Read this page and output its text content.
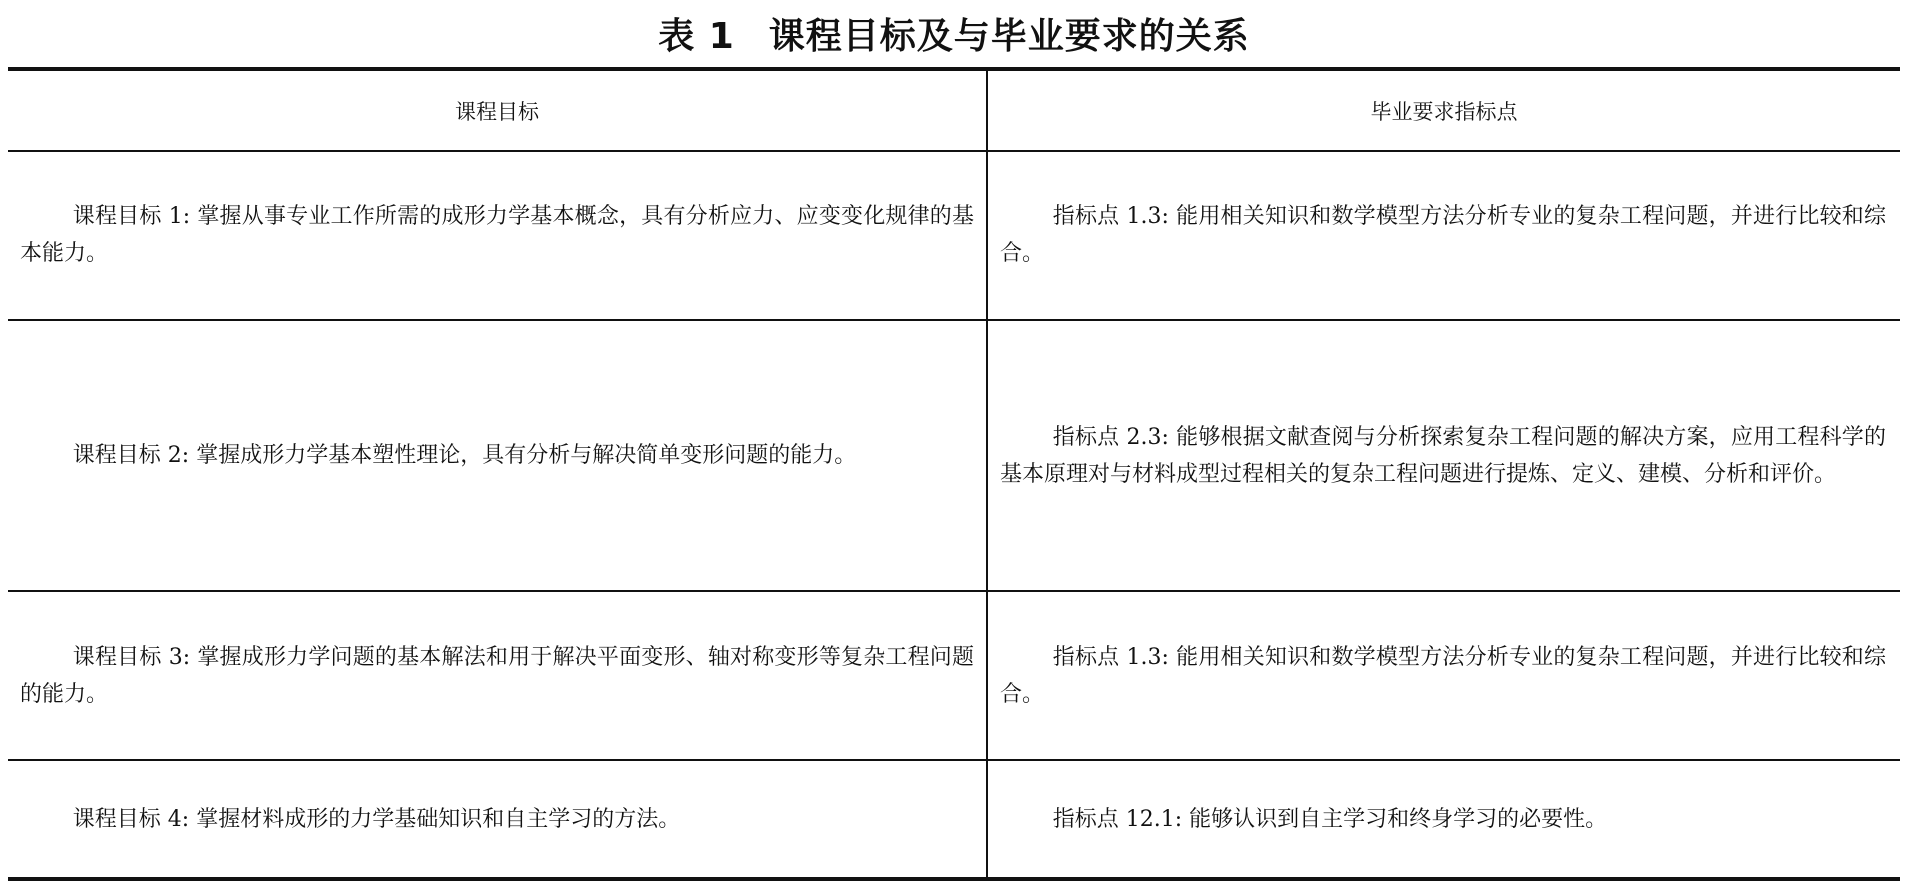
表 1 课程目标及与毕业要求的关系
课程目标	毕业要求指标点

课程目标 1: 掌握从事专业工作所需的成形力学基本概念，具有分析应力、应变变化规律的基本能力。	指标点 1.3: 能用相关知识和数学模型方法分析专业的复杂工程问题，并进行比较和综合。

课程目标 2: 掌握成形力学基本塑性理论，具有分析与解决简单变形问题的能力。	指标点 2.3: 能够根据文献查阅与分析探索复杂工程问题的解决方案，应用工程科学的基本原理对与材料成型过程相关的复杂工程问题进行提炼、定义、建模、分析和评价。

课程目标 3: 掌握成形力学问题的基本解法和用于解决平面变形、轴对称变形等复杂工程问题的能力。	指标点 1.3: 能用相关知识和数学模型方法分析专业的复杂工程问题，并进行比较和综合。

课程目标 4: 掌握材料成形的力学基础知识和自主学习的方法。	指标点 12.1: 能够认识到自主学习和终身学习的必要性。
